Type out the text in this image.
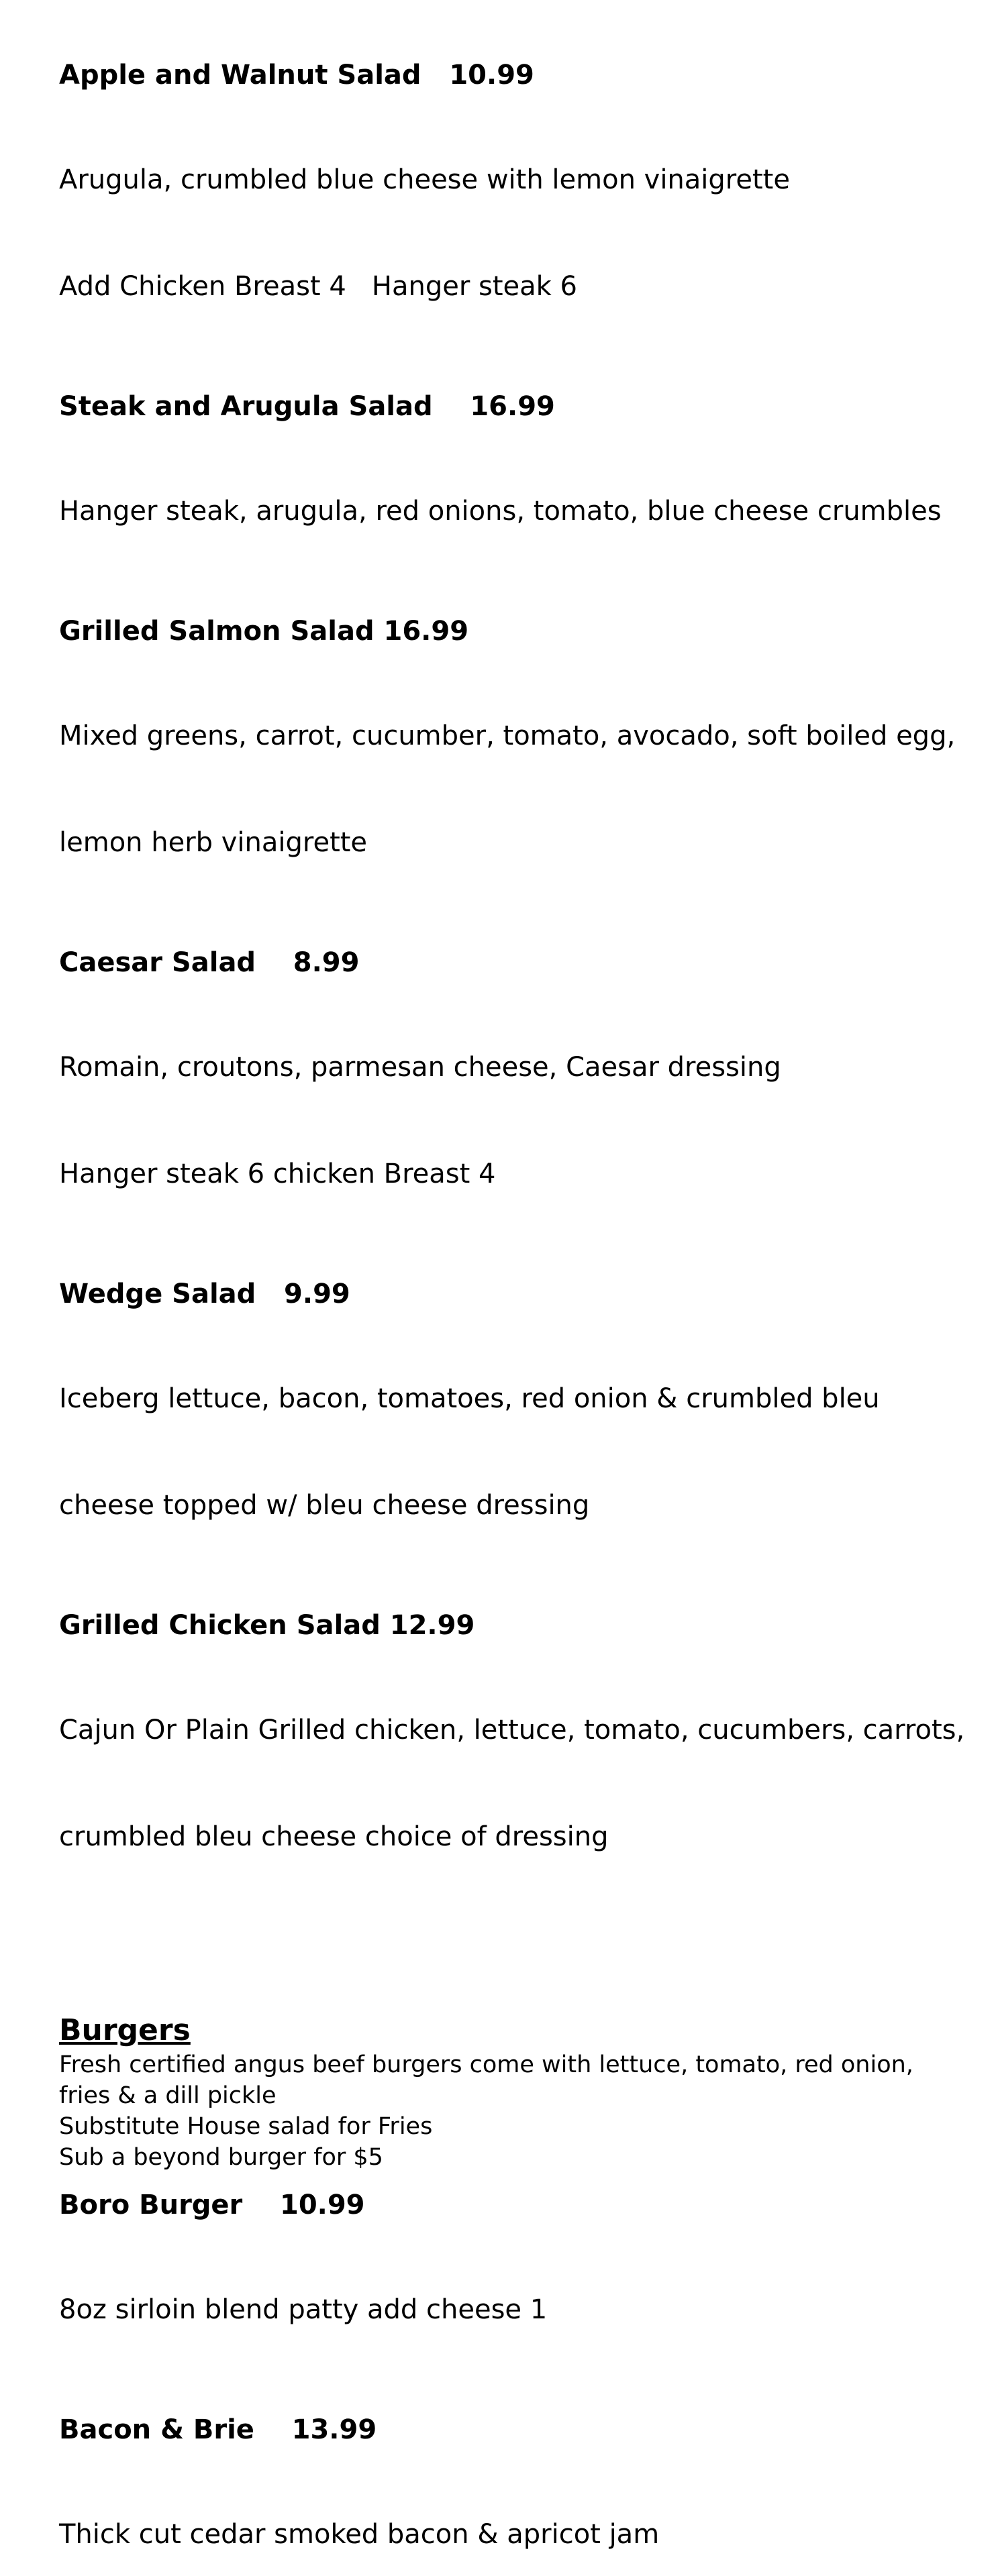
Apple and Walnut Salad   10.99

Arugula, crumbled blue cheese with lemon vinaigrette

Add Chicken Breast 4   Hanger steak 6

Steak and Arugula Salad    16.99

Hanger steak, arugula, red onions, tomato, blue cheese crumbles

Grilled Salmon Salad 16.99

Mixed greens, carrot, cucumber, tomato, avocado, soft boiled egg,

lemon herb vinaigrette

Caesar Salad    8.99

Romain, croutons, parmesan cheese, Caesar dressing

Hanger steak 6 chicken Breast 4

Wedge Salad   9.99

Iceberg lettuce, bacon, tomatoes, red onion & crumbled bleu

cheese topped w/ bleu cheese dressing

Grilled Chicken Salad 12.99

Cajun Or Plain Grilled chicken, lettuce, tomato, cucumbers, carrots,

crumbled bleu cheese choice of dressing

Burgers
Fresh certified angus beef burgers come with lettuce, tomato, red onion,
fries & a dill pickle
Substitute House salad for Fries
Sub a beyond burger for $5
Boro Burger    10.99

8oz sirloin blend patty add cheese 1

Bacon & Brie    13.99

Thick cut cedar smoked bacon & apricot jam
